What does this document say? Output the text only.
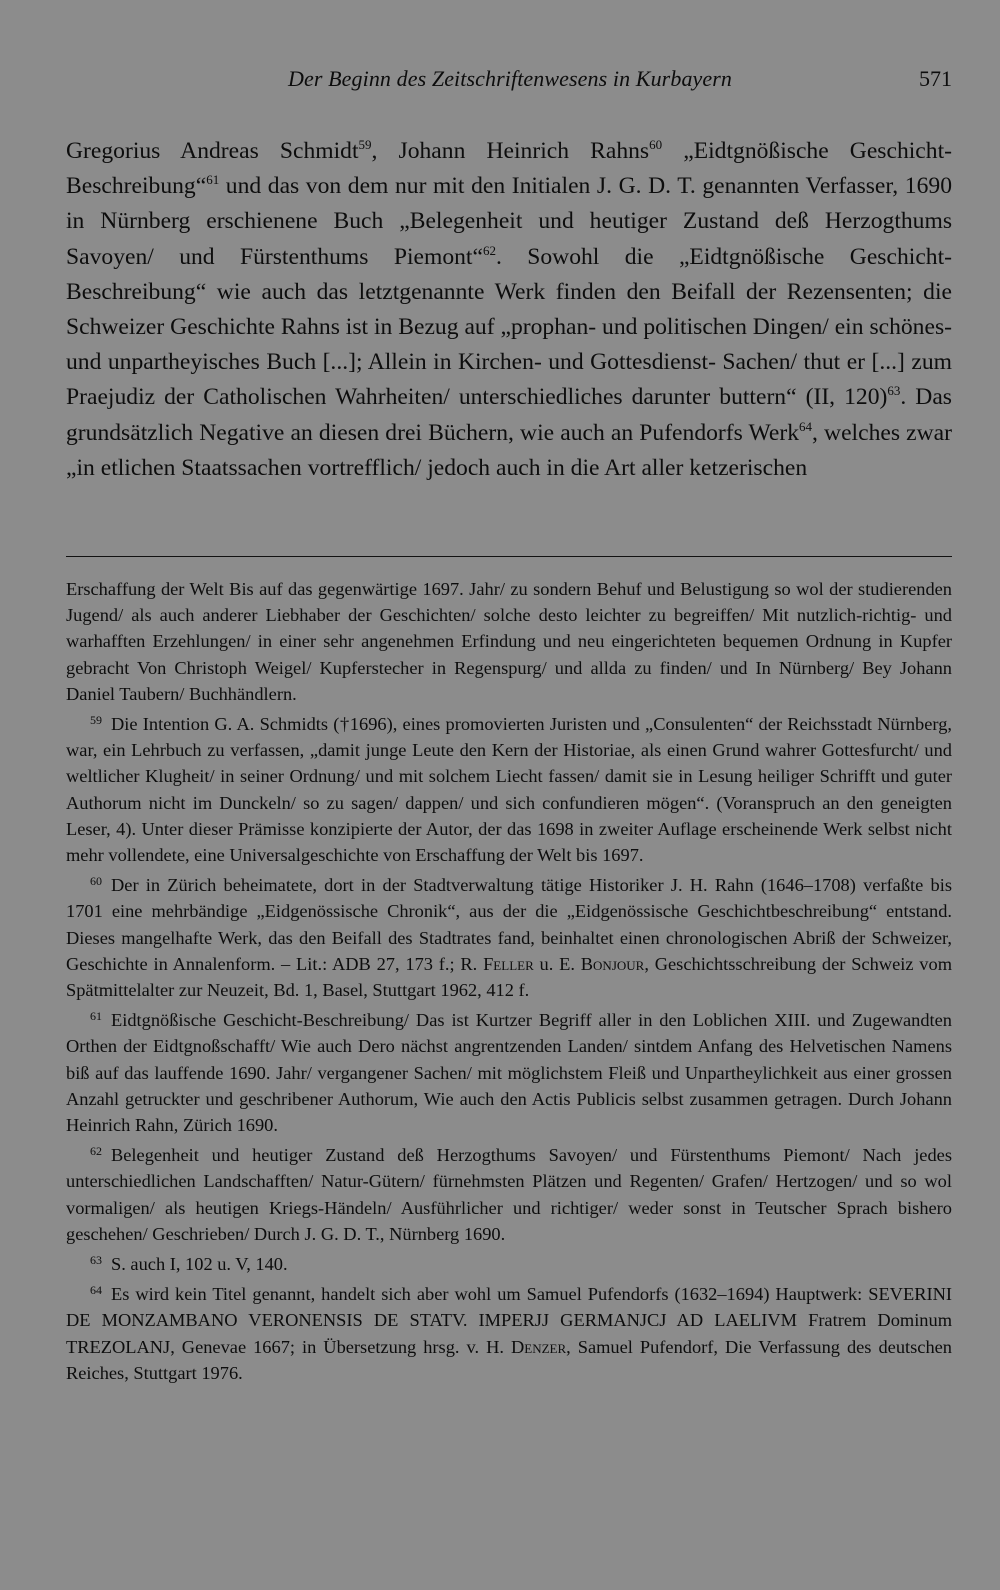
Der Beginn des Zeitschriftenwesens in Kurbayern	571

Gregorius Andreas Schmidt$^{59}$, Johann Heinrich Rahns$^{60}$ „Eidtgnößische Geschicht-Beschreibung“$^{61}$ und das von dem nur mit den Initialen J. G. D. T. genannten Verfasser, 1690 in Nürnberg erschienene Buch „Belegenheit und heutiger Zustand deß Herzogthums Savoyen/ und Fürstenthums Piemont“$^{62}$. Sowohl die „Eidtgnößische Geschicht-Beschreibung“ wie auch das letztgenannte Werk finden den Beifall der Rezensenten; die Schweizer Geschichte Rahns ist in Bezug auf „prophan- und politischen Dingen/ ein schönes- und unpartheyisches Buch [...]; Allein in Kirchen- und Gottesdienst- Sachen/ thut er [...] zum Praejudiz der Catholischen Wahrheiten/ unterschiedliches darunter buttern“ (II, 120)$^{63}$. Das grundsätzlich Negative an diesen drei Büchern, wie auch an Pufendorfs Werk$^{64}$, welches zwar „in etlichen Staatssachen vortrefflich/ jedoch auch in die Art aller ketzerischen

Erschaffung der Welt Bis auf das gegenwärtige 1697. Jahr/ zu sondern Behuf und Belustigung so wol der studierenden Jugend/ als auch anderer Liebhaber der Geschichten/ solche desto leichter zu begreiffen/ Mit nutzlich-richtig- und warhafften Erzehlungen/ in einer sehr angenehmen Erfindung und neu eingerichteten bequemen Ordnung in Kupfer gebracht Von Christoph Weigel/ Kupferstecher in Regenspurg/ und allda zu finden/ und In Nürnberg/ Bey Johann Daniel Taubern/ Buchhändlern.

$^{59}$ Die Intention G. A. Schmidts (†1696), eines promovierten Juristen und „Consulenten“ der Reichsstadt Nürnberg, war, ein Lehrbuch zu verfassen, „damit junge Leute den Kern der Historiae, als einen Grund wahrer Gottesfurcht/ und weltlicher Klugheit/ in seiner Ordnung/ und mit solchem Liecht fassen/ damit sie in Lesung heiliger Schrifft und guter Authorum nicht im Dunckeln/ so zu sagen/ dappen/ und sich confundieren mögen“. (Voranspruch an den geneigten Leser, 4). Unter dieser Prämisse konzipierte der Autor, der das 1698 in zweiter Auflage erscheinende Werk selbst nicht mehr vollendete, eine Universalgeschichte von Erschaffung der Welt bis 1697.

$^{60}$ Der in Zürich beheimatete, dort in der Stadtverwaltung tätige Historiker J. H. Rahn (1646–1708) verfaßte bis 1701 eine mehrbändige „Eidgenössische Chronik“, aus der die „Eidgenössische Geschichtbeschreibung“ entstand. Dieses mangelhafte Werk, das den Beifall des Stadtrates fand, beinhaltet einen chronologischen Abriß der Schweizer, Geschichte in Annalenform. – Lit.: ADB 27, 173 f.; R. Feller u. E. Bonjour, Geschichtsschreibung der Schweiz vom Spätmittelalter zur Neuzeit, Bd. 1, Basel, Stuttgart 1962, 412 f.

$^{61}$ Eidtgnößische Geschicht-Beschreibung/ Das ist Kurtzer Begriff aller in den Loblichen XIII. und Zugewandten Orthen der Eidtgnoßschafft/ Wie auch Dero nächst angrentzenden Landen/ sintdem Anfang des Helvetischen Namens biß auf das lauffende 1690. Jahr/ vergangener Sachen/ mit möglichstem Fleiß und Unpartheylichkeit aus einer grossen Anzahl getruckter und geschribener Authorum, Wie auch den Actis Publicis selbst zusammen getragen. Durch Johann Heinrich Rahn, Zürich 1690.

$^{62}$ Belegenheit und heutiger Zustand deß Herzogthums Savoyen/ und Fürstenthums Piemont/ Nach jedes unterschiedlichen Landschafften/ Natur-Gütern/ fürnehmsten Plätzen und Regenten/ Grafen/ Hertzogen/ und so wol vormaligen/ als heutigen Kriegs-Händeln/ Ausführlicher und richtiger/ weder sonst in Teutscher Sprach bishero geschehen/ Geschrieben/ Durch J. G. D. T., Nürnberg 1690.

$^{63}$ S. auch I, 102 u. V, 140.

$^{64}$ Es wird kein Titel genannt, handelt sich aber wohl um Samuel Pufendorfs (1632–1694) Hauptwerk: SEVERINI DE MONZAMBANO VERONENSIS DE STATV. IMPERJJ GERMANJCJ AD LAELIVM Fratrem Dominum TREZOLANJ, Genevae 1667; in Übersetzung hrsg. v. H. Denzer, Samuel Pufendorf, Die Verfassung des deutschen Reiches, Stuttgart 1976.
